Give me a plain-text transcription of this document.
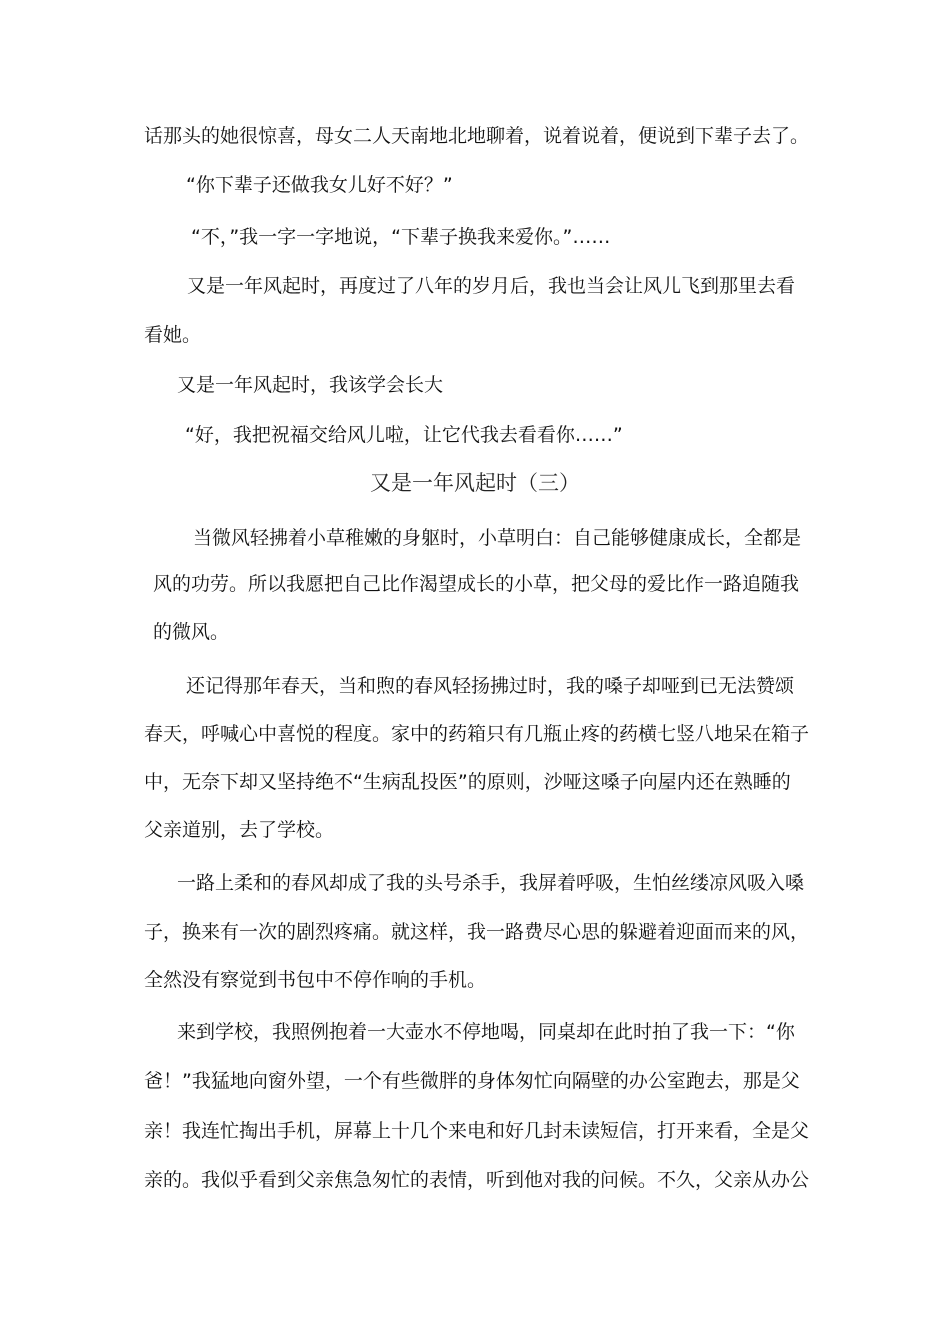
话那头的她很惊喜，母女二人天南地北地聊着，说着说着，便说到下辈子去了。
“你下辈子还做我女儿好不好？”
“不，”我一字一字地说，“下辈子换我来爱你。”……
又是一年风起时，再度过了八年的岁月后，我也当会让风儿飞到那里去看
看她。
又是一年风起时，我该学会长大
“好，我把祝福交给风儿啦，让它代我去看看你……”
又是一年风起时（三）
当微风轻拂着小草稚嫩的身躯时，小草明白：自己能够健康成长，全都是
风的功劳。所以我愿把自己比作渴望成长的小草，把父母的爱比作一路追随我
的微风。
还记得那年春天，当和煦的春风轻扬拂过时，我的嗓子却哑到已无法赞颂
春天，呼喊心中喜悦的程度。家中的药箱只有几瓶止疼的药横七竖八地呆在箱子
中，无奈下却又坚持绝不“生病乱投医”的原则，沙哑这嗓子向屋内还在熟睡的
父亲道别，去了学校。
一路上柔和的春风却成了我的头号杀手，我屏着呼吸，生怕丝缕凉风吸入嗓
子，换来有一次的剧烈疼痛。就这样，我一路费尽心思的躲避着迎面而来的风，
全然没有察觉到书包中不停作响的手机。
来到学校，我照例抱着一大壶水不停地喝，同桌却在此时拍了我一下：“你
爸！”我猛地向窗外望，一个有些微胖的身体匆忙向隔壁的办公室跑去，那是父
亲！我连忙掏出手机，屏幕上十几个来电和好几封未读短信，打开来看，全是父
亲的。我似乎看到父亲焦急匆忙的表情，听到他对我的问候。不久，父亲从办公
